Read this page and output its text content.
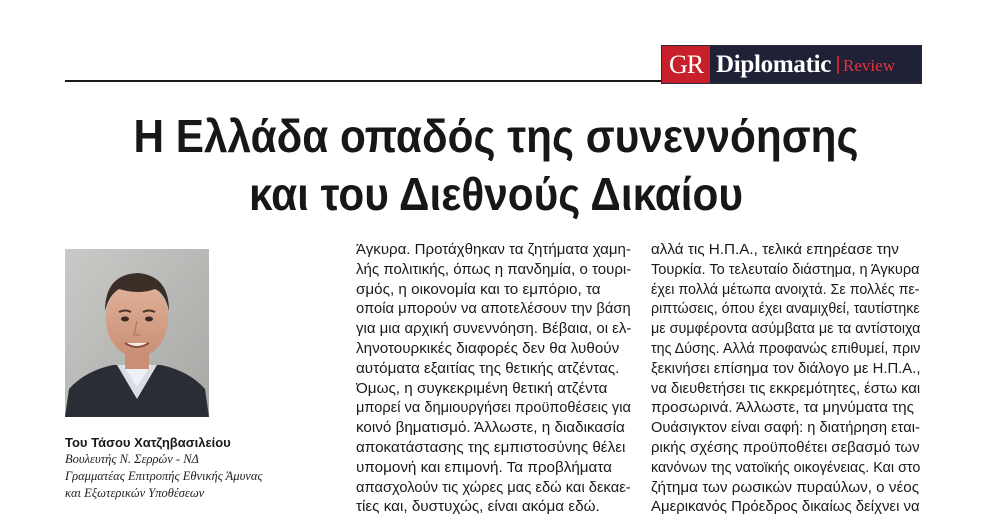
GR Diplomatic Review
Η Ελλάδα οπαδός της συνεννόησης
και του Διεθνούς Δικαίου
Του Τάσου Χατζηβασιλείου
Βουλευτής Ν. Σερρών - ΝΔ
Γραμματέας Επιτροπής Εθνικής Άμυνας
και Εξωτερικών Υποθέσεων
Άγκυρα. Προτάχθηκαν τα ζητήματα χαμη-
λής πολιτικής, όπως η πανδημία, ο τουρι-
σμός, η οικονομία και το εμπόριο, τα
οποία μπορούν να αποτελέσουν την βάση
για μια αρχική συνεννόηση. Βέβαια, οι ελ-
ληνοτουρκικές διαφορές δεν θα λυθούν
αυτόματα εξαιτίας της θετικής ατζέντας.
Όμως, η συγκεκριμένη θετική ατζέντα
μπορεί να δημιουργήσει προϋποθέσεις για
κοινό βηματισμό. Άλλωστε, η διαδικασία
αποκατάστασης της εμπιστοσύνης θέλει
υπομονή και επιμονή. Τα προβλήματα
απασχολούν τις χώρες μας εδώ και δεκαε-
τίες και, δυστυχώς, είναι ακόμα εδώ.
αλλά τις Η.Π.Α., τελικά επηρέασε την
Τουρκία. Το τελευταίο διάστημα, η Άγκυρα
έχει πολλά μέτωπα ανοιχτά. Σε πολλές πε-
ριπτώσεις, όπου έχει αναμιχθεί, ταυτίστηκε
με συμφέροντα ασύμβατα με τα αντίστοιχα
της Δύσης. Αλλά προφανώς επιθυμεί, πριν
ξεκινήσει επίσημα τον διάλογο με Η.Π.Α.,
να διευθετήσει τις εκκρεμότητες, έστω και
προσωρινά. Άλλωστε, τα μηνύματα της
Ουάσιγκτον είναι σαφή: η διατήρηση εται-
ρικής σχέσης προϋποθέτει σεβασμό των
κανόνων της νατοϊκής οικογένειας. Και στο
ζήτημα των ρωσικών πυραύλων, ο νέος
Αμερικανός Πρόεδρος δικαίως δείχνει να
